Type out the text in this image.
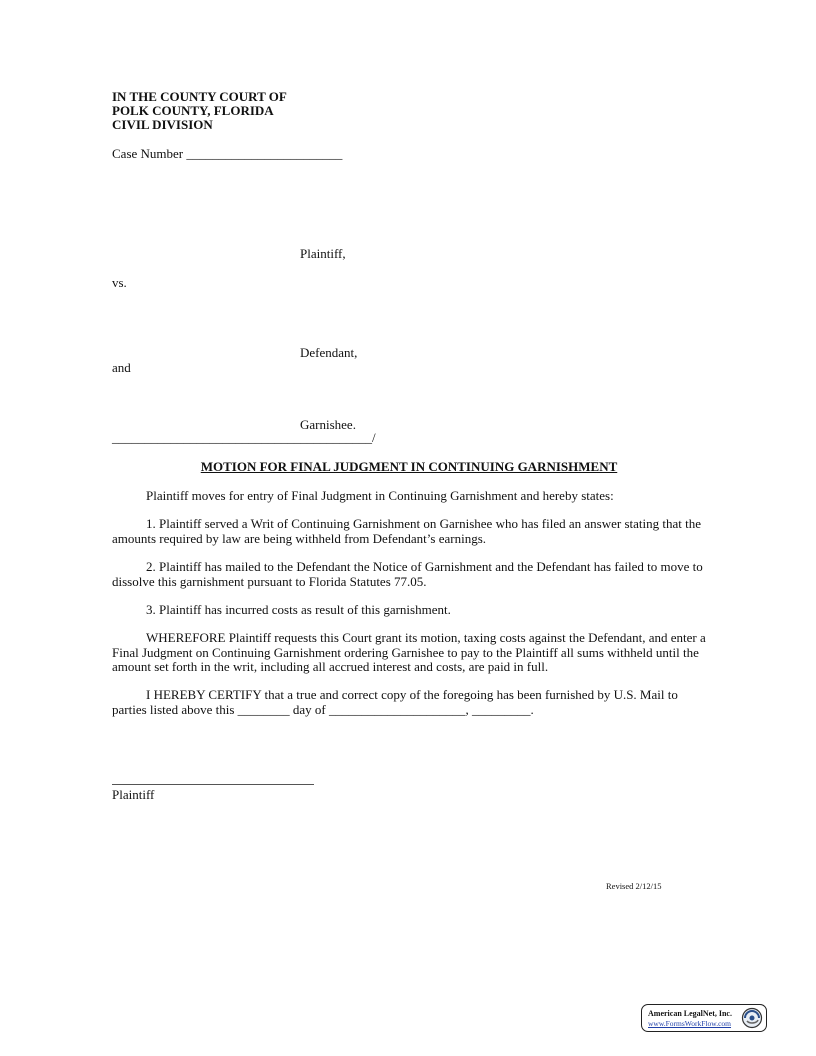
IN THE COUNTY COURT OF
POLK COUNTY, FLORIDA
CIVIL DIVISION
Case Number ________________________
Plaintiff,
vs.
Defendant,
and
Garnishee.
________________________________________/
MOTION FOR FINAL JUDGMENT IN CONTINUING GARNISHMENT
Plaintiff moves for entry of Final Judgment in Continuing Garnishment and hereby states:
1. Plaintiff served a Writ of Continuing Garnishment on Garnishee who has filed an answer stating that the amounts required by law are being withheld from Defendant’s earnings.
2. Plaintiff has mailed to the Defendant the Notice of Garnishment and the Defendant has failed to move to dissolve this garnishment pursuant to Florida Statutes 77.05.
3. Plaintiff has incurred costs as result of this garnishment.
WHEREFORE Plaintiff requests this Court grant its motion, taxing costs against the Defendant, and enter a Final Judgment on Continuing Garnishment ordering Garnishee to pay to the Plaintiff all sums withheld until the amount set forth in the writ, including all accrued interest and costs, are paid in full.
I HEREBY CERTIFY that a true and correct copy of the foregoing has been furnished by U.S. Mail to parties listed above this ________ day of _____________________, _________.
Plaintiff
Revised 2/12/15
American LegalNet, Inc.
www.FormsWorkFlow.com
